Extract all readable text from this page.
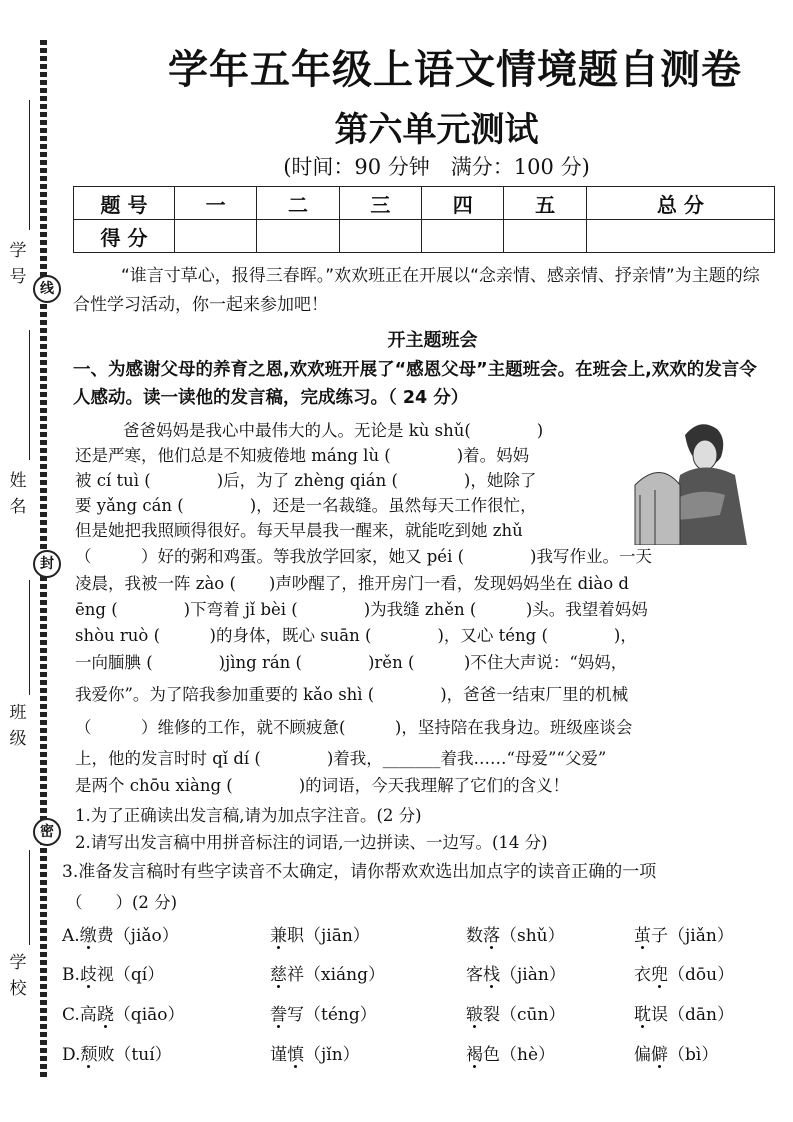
学号
姓名
班级
学校
线
封
密
学年五年级上语文情境题自测卷
第六单元测试
(时间：90 分钟　满分：100 分)
题 号	一	二	三	四	五	总 分
得 分						
“谁言寸草心，报得三春晖。”欢欢班正在开展以“念亲情、感亲情、抒亲情”为主题的综合性学习活动，你一起来参加吧！
开主题班会
一、为感谢父母的养育之恩,欢欢班开展了“感恩父母”主题班会。在班会上,欢欢的发言令人感动。读一读他的发言稿，完成练习。（ 24 分）
爸爸妈妈是我心中最伟大的人。无论是 kù shǔ(　　　　)
还是严寒，他们总是不知疲倦地 máng lù (　　　　)着。妈妈
被 cí tuì (　　　　)后，为了 zhèng qián (　　　　)，她除了
要 yǎng cán (　　　　)，还是一名裁缝。虽然每天工作很忙，
但是她把我照顾得很好。每天早晨我一醒来，就能吃到她 zhǔ
（　　　）好的粥和鸡蛋。等我放学回家，她又 péi (　　　　)我写作业。一天
凌晨，我被一阵 zào (　　)声吵醒了，推开房门一看，发现妈妈坐在 diào d
ēng (　　　　)下弯着 jǐ bèi (　　　　)为我缝 zhěn (　　　)头。我望着妈妈
shòu ruò (　　　)的身体，既心 suān (　　　　)，又心 téng (　　　　)，
一向腼腆 (　　　　)jìng rán (　　　　)rěn (　　　)不住大声说：“妈妈，
我爱你”。为了陪我参加重要的 kǎo shì (　　　　)，爸爸一结束厂里的机械
（　　　）维修的工作，就不顾疲惫(　　　)，坚持陪在我身边。班级座谈会
上，他的发言时时 qǐ dí (　　　　)着我，_______着我……“母爱”“父爱”
是两个 chōu xiàng (　　　　)的词语，今天我理解了它们的含义！
1.为了正确读出发言稿,请为加点字注音。(2 分)
2.请写出发言稿中用拼音标注的词语,一边拼读、一边写。(14 分)
3.准备发言稿时有些字读音不太确定，请你帮欢欢选出加点字的读音正确的一项
（　　）(2 分)
A.缴费（jiǎo）	兼职（jiān）	数落（shǔ）	茧子（jiǎn）
B.歧视（qí）	慈祥（xiáng）	客栈（jiàn）	衣兜（dōu）
C.高跷（qiāo）	誊写（téng）	皲裂（cūn）	耽误（dān）
D.颓败（tuí）	谨慎（jǐn）	褐色（hè）	偏僻（bì）
